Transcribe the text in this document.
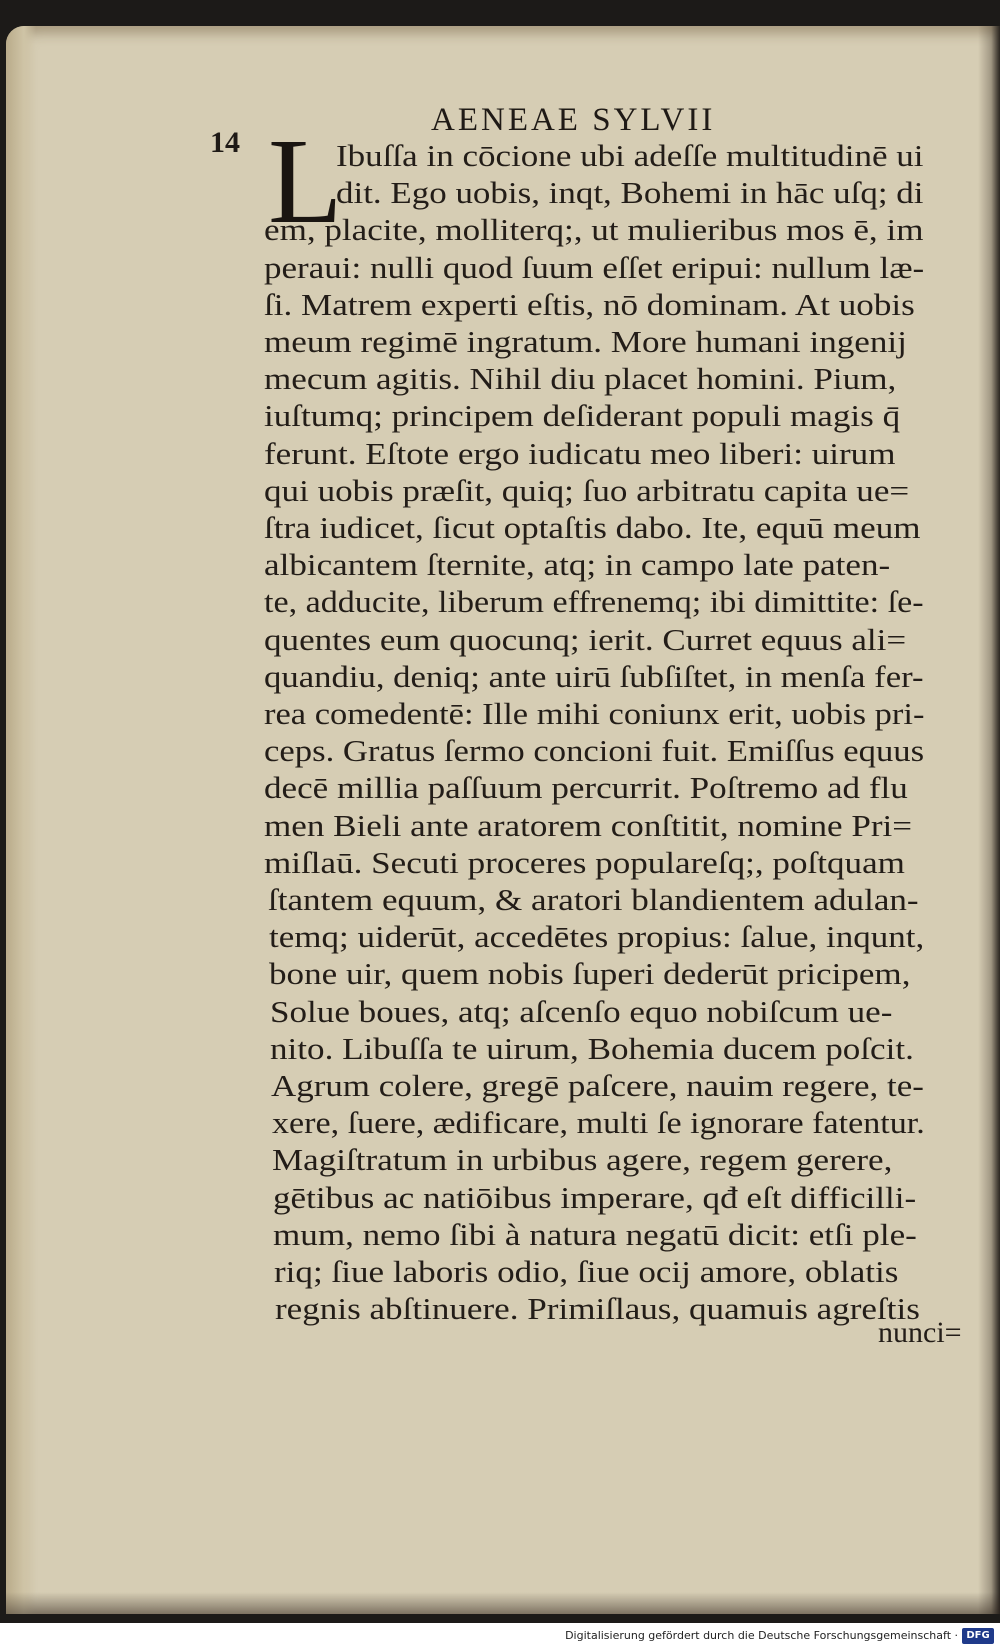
14
AENEAE SYLVII
L
Ibuſſa in cōcione ubi adeſſe multitudinē ui
dit. Ego uobis, inqt, Bohemi in hāc uſq; di
em, placite, molliterq;, ut mulieribus mos ē, im
peraui: nulli quod ſuum eſſet eripui: nullum læ-
ſi. Matrem experti eſtis, nō dominam. At uobis
meum regimē ingratum. More humani ingenij
mecum agitis. Nihil diu placet homini. Pium,
iuſtumq; principem deſiderant populi magis q̄
ferunt. Eſtote ergo iudicatu meo liberi: uirum
qui uobis præſit, quiq; ſuo arbitratu capita ue=
ſtra iudicet, ſicut optaſtis dabo. Ite, equū meum
albicantem ſternite, atq; in campo late paten-
te, adducite, liberum effrenemq; ibi dimittite: ſe-
quentes eum quocunq; ierit. Curret equus ali=
quandiu, deniq; ante uirū ſubſiſtet, in menſa fer-
rea comedentē: Ille mihi coniunx erit, uobis pri-
ceps. Gratus ſermo concioni fuit. Emiſſus equus
decē millia paſſuum percurrit. Poſtremo ad flu
men Bieli ante aratorem conſtitit, nomine Pri=
miſlaū. Secuti proceres populareſq;, poſtquam
ſtantem equum, & aratori blandientem adulan-
temq; uiderūt, accedētes propius: ſalue, inqunt,
bone uir, quem nobis ſuperi dederūt pricipem,
Solue boues, atq; aſcenſo equo nobiſcum ue-
nito. Libuſſa te uirum, Bohemia ducem poſcit.
Agrum colere, gregē paſcere, nauim regere, te-
xere, ſuere, ædificare, multi ſe ignorare fatentur.
Magiſtratum in urbibus agere, regem gerere,
gētibus ac natiōibus imperare, qđ eſt difficilli-
mum, nemo ſibi à natura negatū dicit: etſi ple-
riq; ſiue laboris odio, ſiue ocij amore, oblatis
regnis abſtinuere. Primiſlaus, quamuis agreſtis
nunci=
Digitalisierung gefördert durch die Deutsche Forschungsgemeinschaft · DFG
